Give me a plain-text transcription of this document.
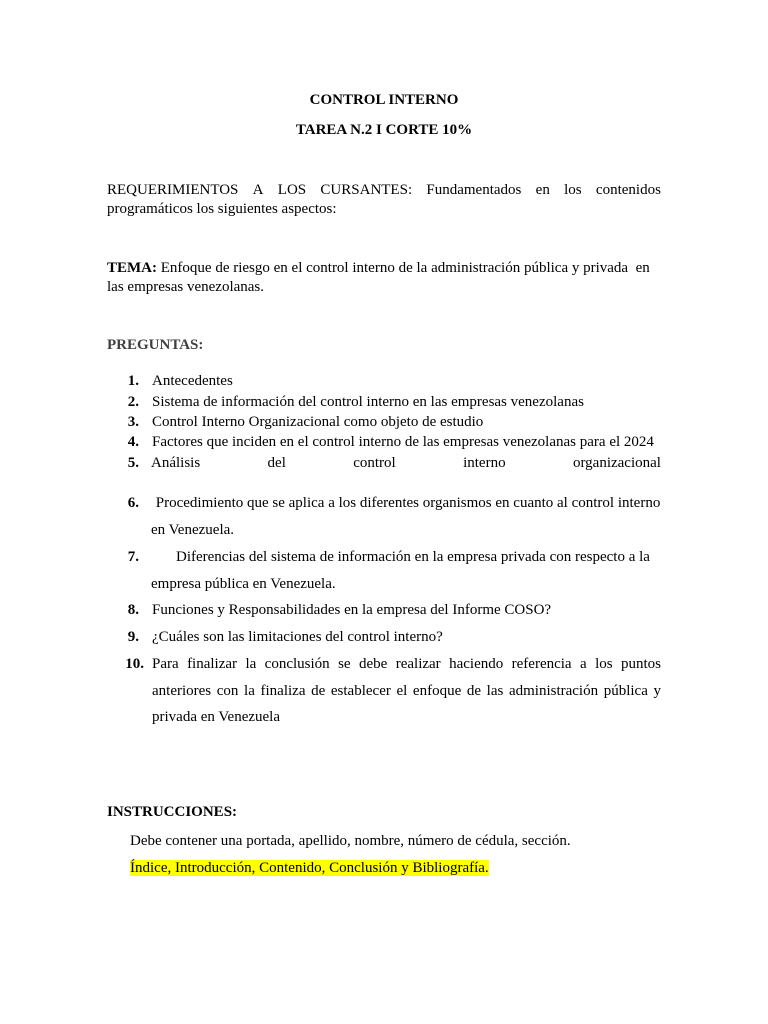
CONTROL INTERNO
TAREA N.2 I CORTE 10%
REQUERIMIENTOS A LOS CURSANTES: Fundamentados en los contenidos
programáticos los siguientes aspectos:
TEMA: Enfoque de riesgo en el control interno de la administración pública y privada  en
las empresas venezolanas.
PREGUNTAS:
1. Antecedentes
2. Sistema de información del control interno en las empresas venezolanas
3. Control Interno Organizacional como objeto de estudio
4. Factores que inciden en el control interno de las empresas venezolanas para el 2024
5. Análisis	del	control	interno	organizacional
6. Procedimiento que se aplica a los diferentes organismos en cuanto al control interno
en Venezuela.
7. Diferencias del sistema de información en la empresa privada con respecto a la
empresa pública en Venezuela.
8. Funciones y Responsabilidades en la empresa del Informe COSO?
9. ¿Cuáles son las limitaciones del control interno?
10. Para finalizar la conclusión se debe realizar haciendo referencia a los puntos
anteriores con la finaliza de establecer el enfoque de las administración pública y
privada en Venezuela
INSTRUCCIONES:
Debe contener una portada, apellido, nombre, número de cédula, sección.
Índice, Introducción, Contenido, Conclusión y Bibliografía.
